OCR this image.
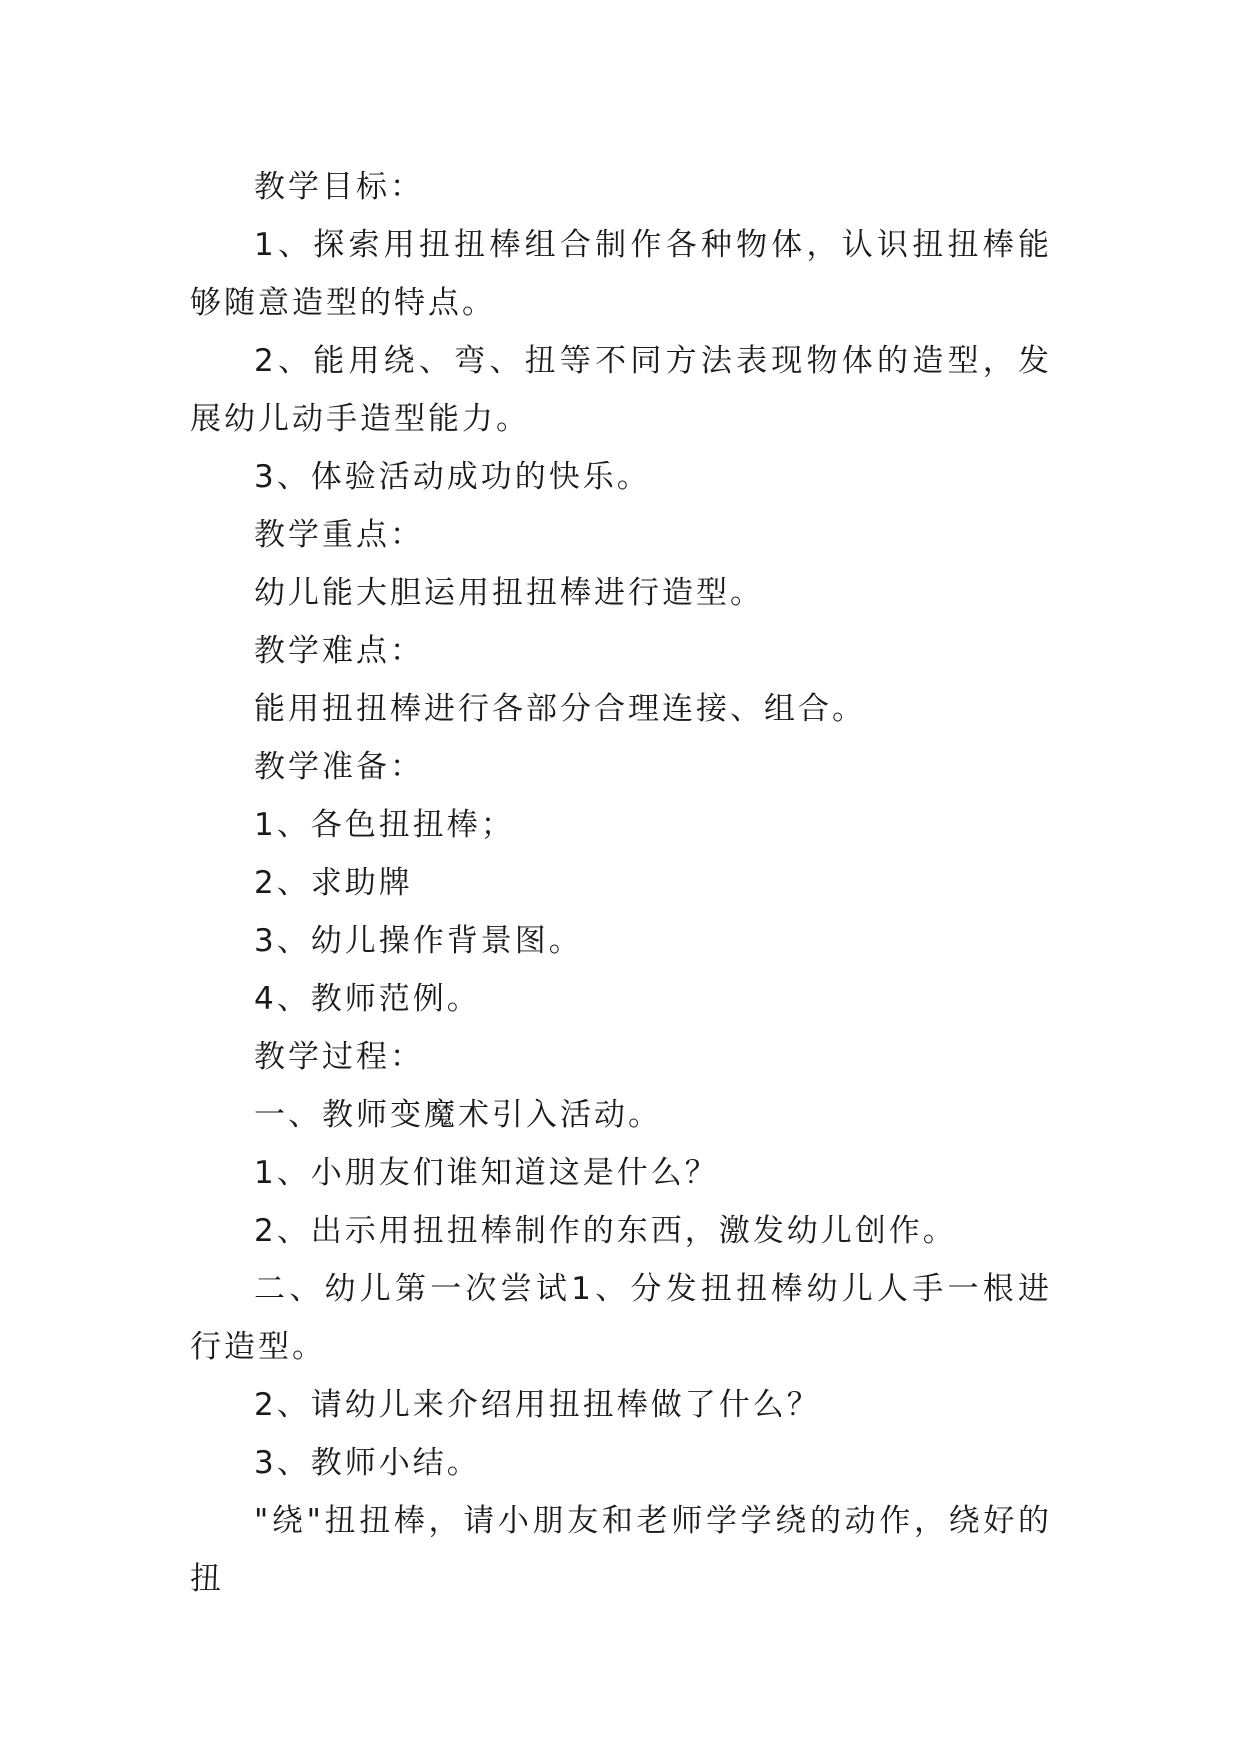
教学目标：

1、探索用扭扭棒组合制作各种物体，认识扭扭棒能够随意造型的特点。

2、能用绕、弯、扭等不同方法表现物体的造型，发展幼儿动手造型能力。

3、体验活动成功的快乐。

教学重点：

幼儿能大胆运用扭扭棒进行造型。

教学难点：

能用扭扭棒进行各部分合理连接、组合。

教学准备：

1、各色扭扭棒；

2、求助牌

3、幼儿操作背景图。

4、教师范例。

教学过程：

一、教师变魔术引入活动。

1、小朋友们谁知道这是什么？

2、出示用扭扭棒制作的东西，激发幼儿创作。

二、幼儿第一次尝试1、分发扭扭棒幼儿人手一根进行造型。

2、请幼儿来介绍用扭扭棒做了什么？

3、教师小结。

"绕"扭扭棒，请小朋友和老师学学绕的动作，绕好的扭
